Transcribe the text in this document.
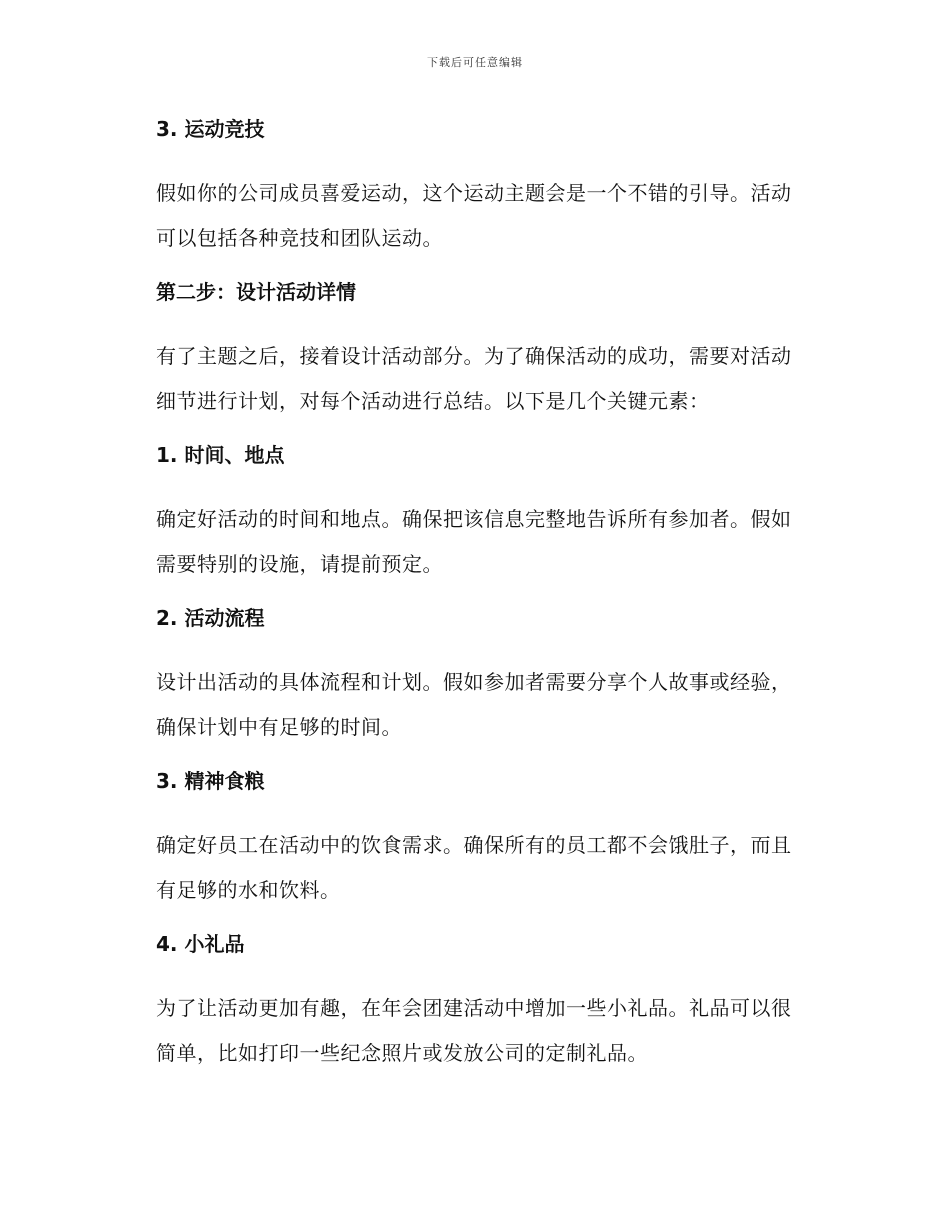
下载后可任意编辑
3. 运动竞技

假如你的公司成员喜爱运动，这个运动主题会是一个不错的引导。活动
可以包括各种竞技和团队运动。

第二步：设计活动详情

有了主题之后，接着设计活动部分。为了确保活动的成功，需要对活动
细节进行计划，对每个活动进行总结。以下是几个关键元素：

1. 时间、地点

确定好活动的时间和地点。确保把该信息完整地告诉所有参加者。假如
需要特别的设施，请提前预定。

2. 活动流程

设计出活动的具体流程和计划。假如参加者需要分享个人故事或经验，
确保计划中有足够的时间。

3. 精神食粮

确定好员工在活动中的饮食需求。确保所有的员工都不会饿肚子，而且
有足够的水和饮料。

4. 小礼品

为了让活动更加有趣，在年会团建活动中增加一些小礼品。礼品可以很
简单，比如打印一些纪念照片或发放公司的定制礼品。
